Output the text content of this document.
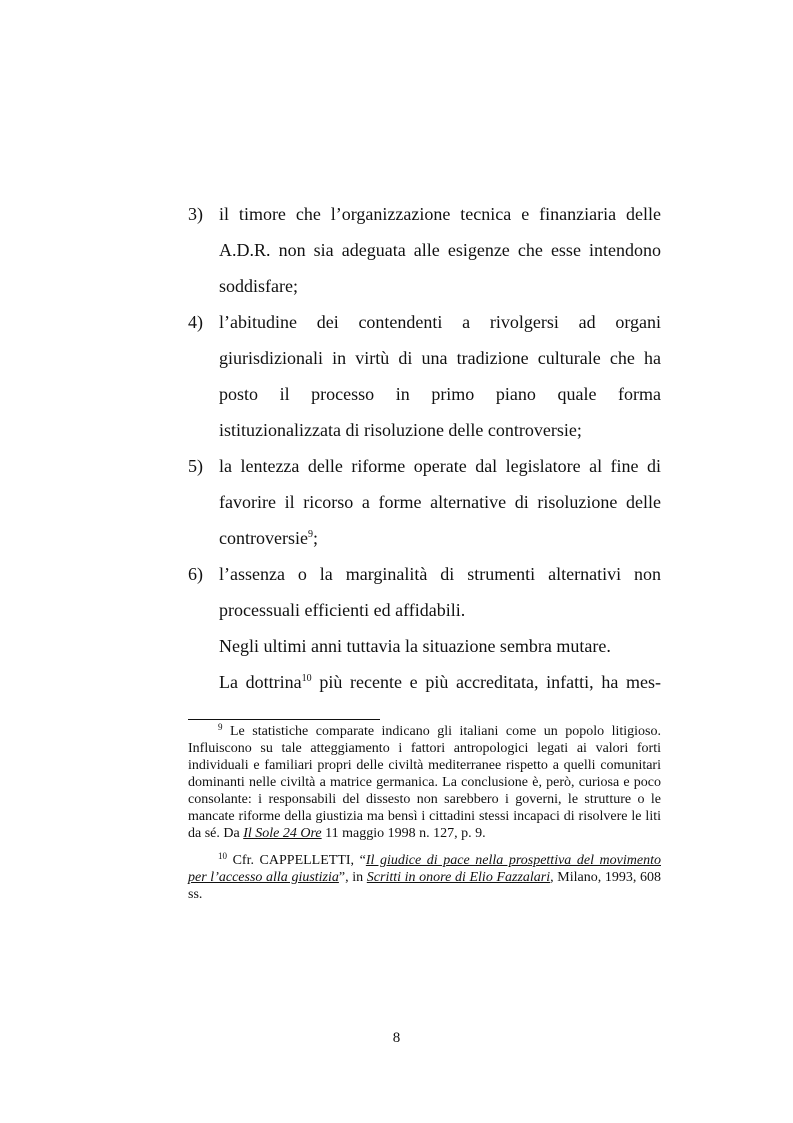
3) il timore che l’organizzazione tecnica e finanziaria delle A.D.R. non sia adeguata alle esigenze che esse intendono soddisfare;
4) l’abitudine dei contendenti a rivolgersi ad organi giurisdizionali in virtù di una tradizione culturale che ha posto il processo in primo piano quale forma istituzionalizzata di risoluzione delle controversie;
5) la lentezza delle riforme operate dal legislatore al fine di favorire il ricorso a forme alternative di risoluzione delle controversie$^9$;
6) l’assenza o la marginalità di strumenti alternativi non processuali efficienti ed affidabili.
Negli ultimi anni tuttavia la situazione sembra mutare.
La dottrina$^{10}$ più recente e più accreditata, infatti, ha mes-
$^9$ Le statistiche comparate indicano gli italiani come un popolo litigioso. Influiscono su tale atteggiamento i fattori antropologici legati ai valori forti individuali e familiari propri delle civiltà mediterranee rispetto a quelli comunitari dominanti nelle civiltà a matrice germanica. La conclusione è, però, curiosa e poco consolante: i responsabili del dissesto non sarebbero i governi, le strutture o le mancate riforme della giustizia ma bensì i cittadini stessi incapaci di risolvere le liti da sé. Da Il Sole 24 Ore 11 maggio 1998 n. 127, p. 9.
$^{10}$ Cfr. CAPPELLETTI, “Il giudice di pace nella prospettiva del movimento per l’accesso alla giustizia”, in Scritti in onore di Elio Fazzalari, Milano, 1993, 608 ss.
8
